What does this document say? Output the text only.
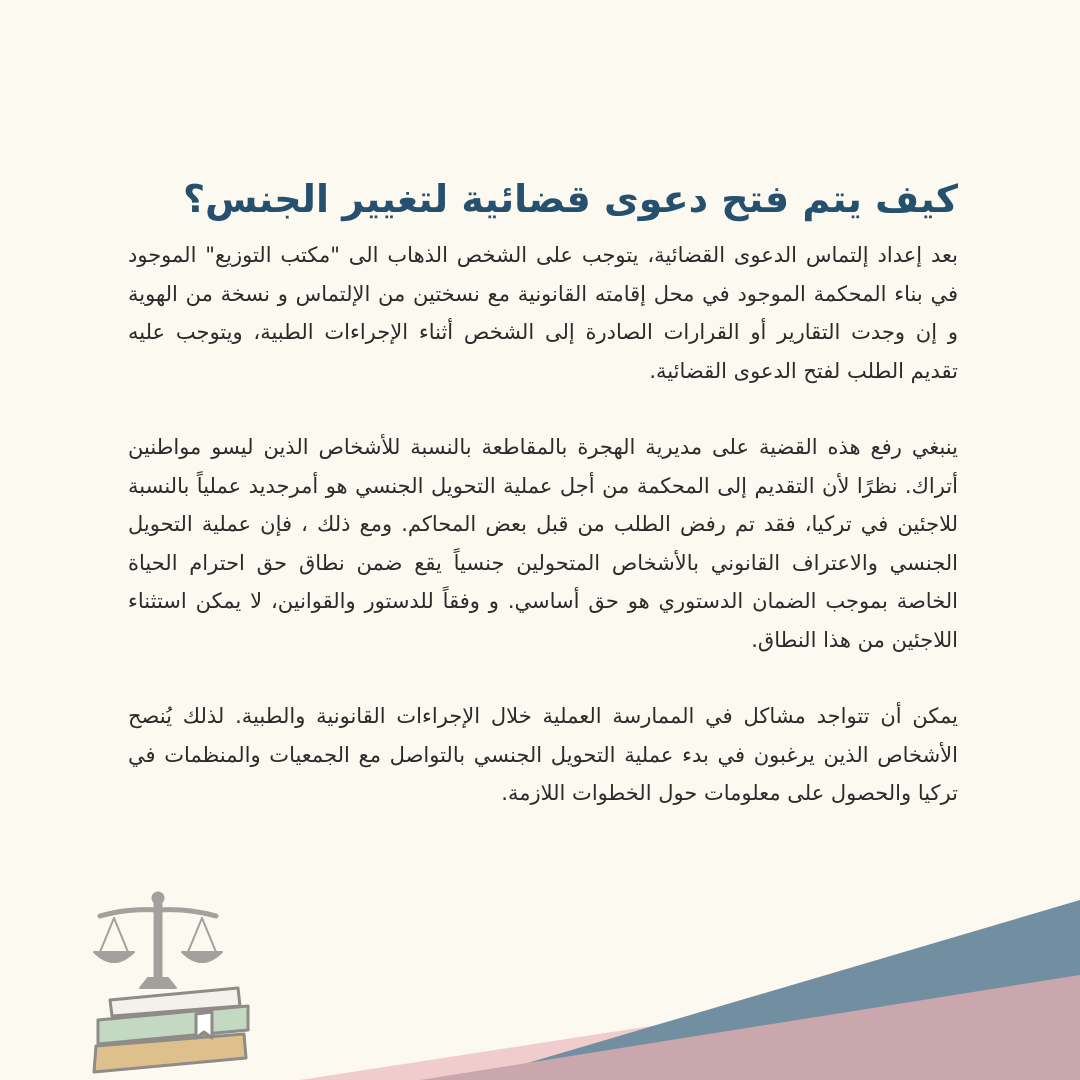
كيف يتم فتح دعوى قضائية لتغيير الجنس؟

بعد إعداد إلتماس الدعوى القضائية، يتوجب على الشخص الذهاب الى "مكتب التوزيع" الموجود في بناء المحكمة الموجود في محل إقامته القانونية مع نسختين من الإلتماس و نسخة من الهوية و إن وجدت التقارير أو القرارات الصادرة إلى الشخص أثناء الإجراءات الطبية، ويتوجب عليه تقديم الطلب لفتح الدعوى القضائية.

ينبغي رفع هذه القضية على مديرية الهجرة بالمقاطعة بالنسبة للأشخاص الذين ليسو مواطنين أتراك. نظرًا لأن التقديم إلى المحكمة من أجل عملية التحويل الجنسي هو أمرجديد عملياً بالنسبة للاجئين في تركيا، فقد تم رفض الطلب من قبل بعض المحاكم. ومع ذلك ، فإن عملية التحويل الجنسي والاعتراف القانوني بالأشخاص المتحولين جنسياً يقع ضمن نطاق حق احترام الحياة الخاصة بموجب الضمان الدستوري هو حق أساسي. و وفقاً للدستور والقوانين، لا يمكن استثناء اللاجئين من هذا النطاق.

يمكن أن تتواجد مشاكل في الممارسة العملية خلال الإجراءات القانونية والطبية. لذلك يُنصح الأشخاص الذين يرغبون في بدء عملية التحويل الجنسي بالتواصل مع الجمعيات والمنظمات في تركيا والحصول على معلومات حول الخطوات اللازمة.
